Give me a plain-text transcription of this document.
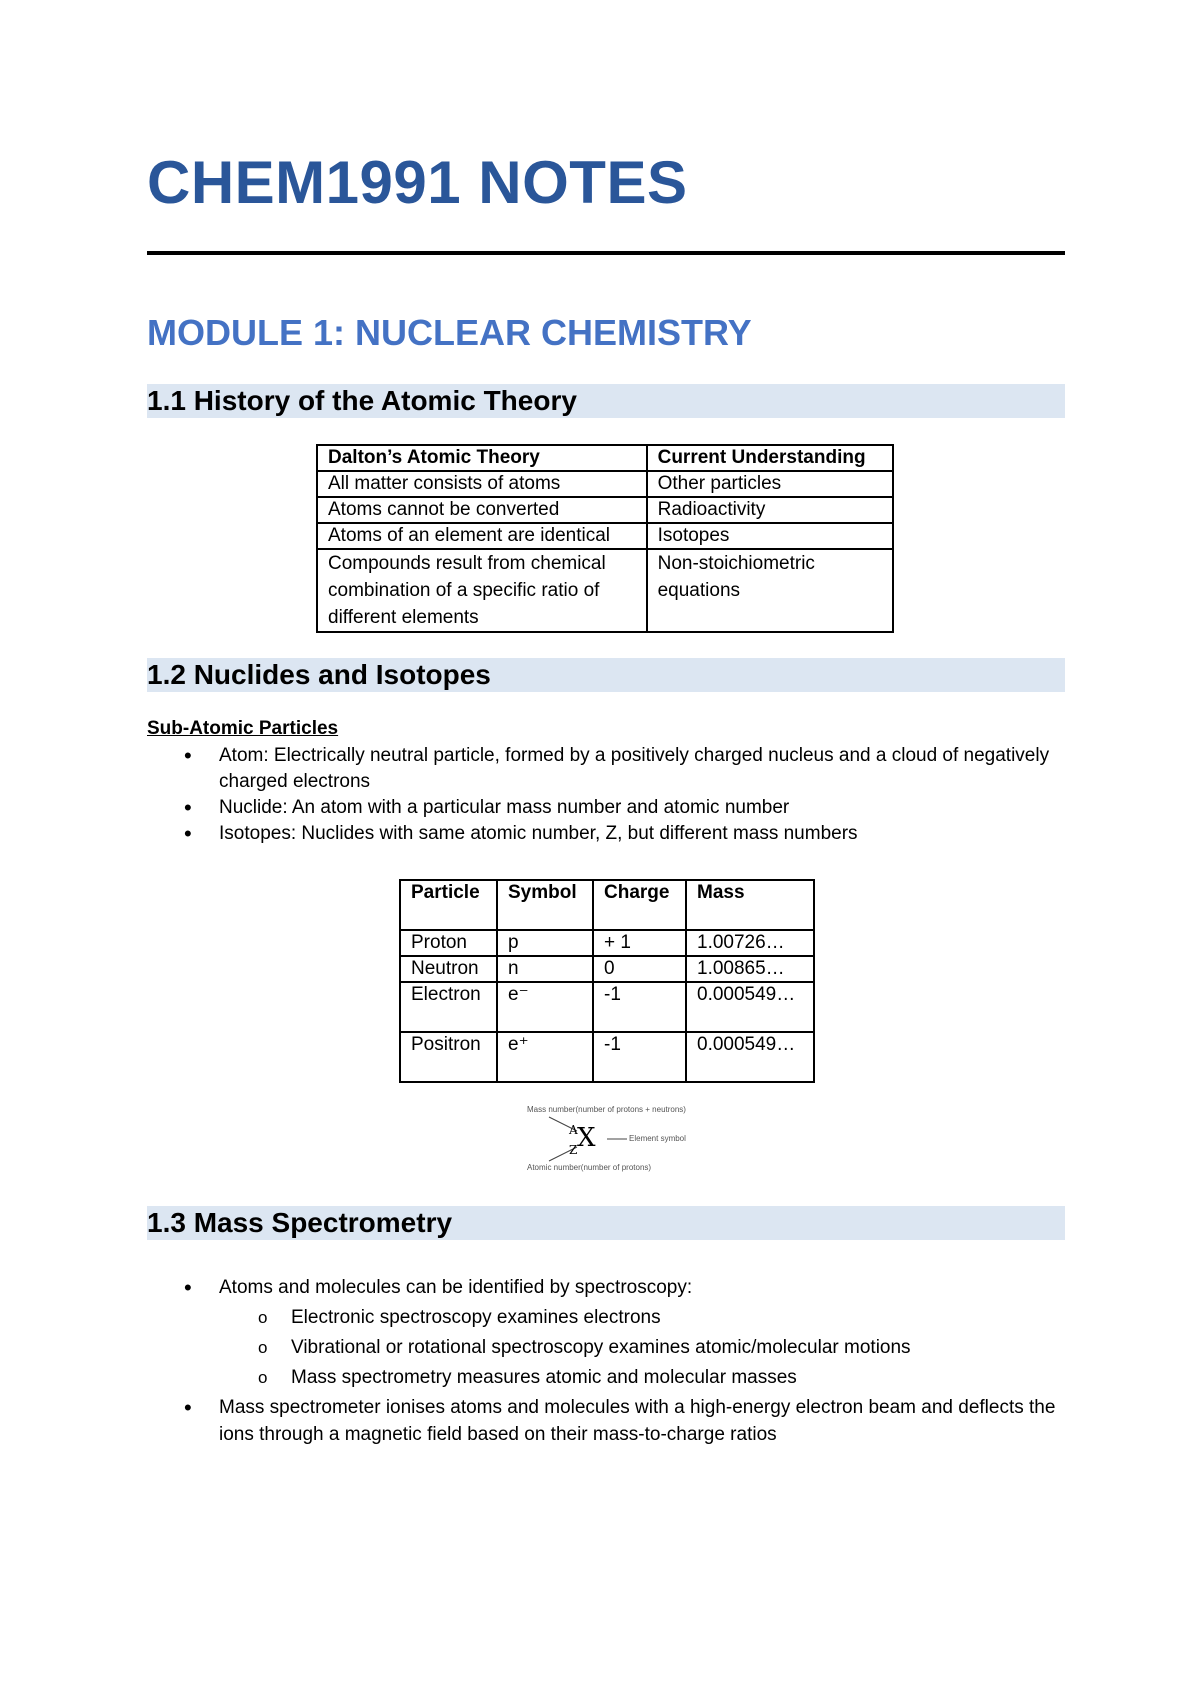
CHEM1991 NOTES
MODULE 1: NUCLEAR CHEMISTRY
1.1 History of the Atomic Theory
Dalton’s Atomic Theory	Current Understanding
All matter consists of atoms	Other particles
Atoms cannot be converted	Radioactivity
Atoms of an element are identical	Isotopes
Compounds result from chemical combination of a specific ratio of different elements	Non-stoichiometric equations
1.2 Nuclides and Isotopes
Sub-Atomic Particles
• Atom: Electrically neutral particle, formed by a positively charged nucleus and a cloud of negatively charged electrons
• Nuclide: An atom with a particular mass number and atomic number
• Isotopes: Nuclides with same atomic number, Z, but different mass numbers
Particle	Symbol	Charge	Mass
Proton	p	+ 1	1.00726…
Neutron	n	0	1.00865…
Electron	e⁻	-1	0.000549…
Positron	e⁺	-1	0.000549…
Mass number(number of protons + neutrons)
A
Z X	Element symbol
Atomic number(number of protons)
1.3 Mass Spectrometry
• Atoms and molecules can be identified by spectroscopy:
o Electronic spectroscopy examines electrons
o Vibrational or rotational spectroscopy examines atomic/molecular motions
o Mass spectrometry measures atomic and molecular masses
• Mass spectrometer ionises atoms and molecules with a high-energy electron beam and deflects the ions through a magnetic field based on their mass-to-charge ratios
